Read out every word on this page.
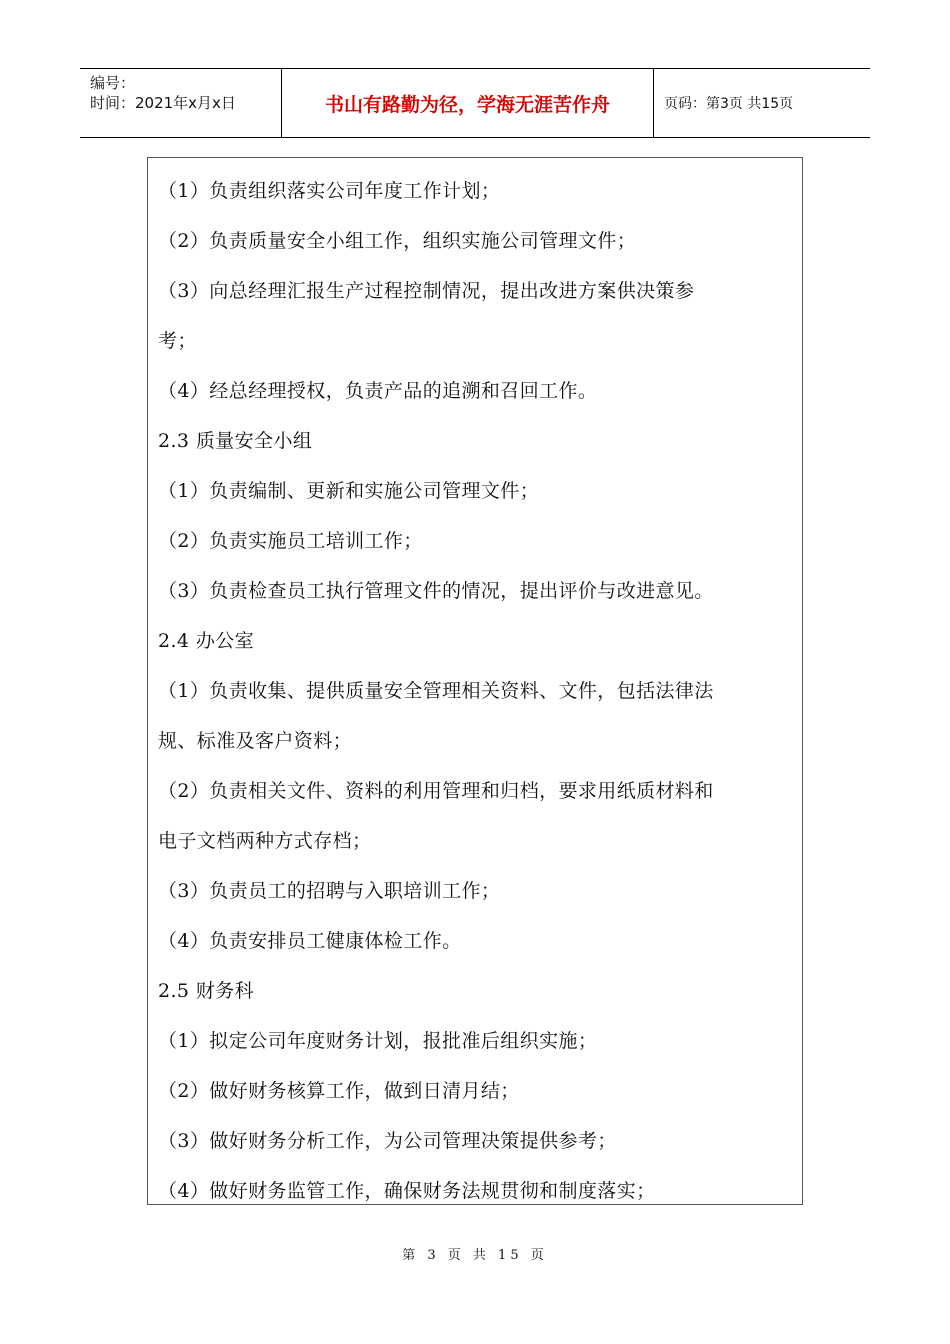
编号：
时间：2021年x月x日	书山有路勤为径，学海无涯苦作舟	页码：第3页 共15页
（1）负责组织落实公司年度工作计划；
（2）负责质量安全小组工作，组织实施公司管理文件；
（3）向总经理汇报生产过程控制情况，提出改进方案供决策参
考；
（4）经总经理授权，负责产品的追溯和召回工作。
2.3 质量安全小组
（1）负责编制、更新和实施公司管理文件；
（2）负责实施员工培训工作；
（3）负责检查员工执行管理文件的情况，提出评价与改进意见。
2.4 办公室
（1）负责收集、提供质量安全管理相关资料、文件，包括法律法
规、标准及客户资料；
（2）负责相关文件、资料的利用管理和归档，要求用纸质材料和
电子文档两种方式存档；
（3）负责员工的招聘与入职培训工作；
（4）负责安排员工健康体检工作。
2.5 财务科
（1）拟定公司年度财务计划，报批准后组织实施；
（2）做好财务核算工作，做到日清月结；
（3）做好财务分析工作，为公司管理决策提供参考；
（4）做好财务监管工作，确保财务法规贯彻和制度落实；
第 3 页 共 15 页
